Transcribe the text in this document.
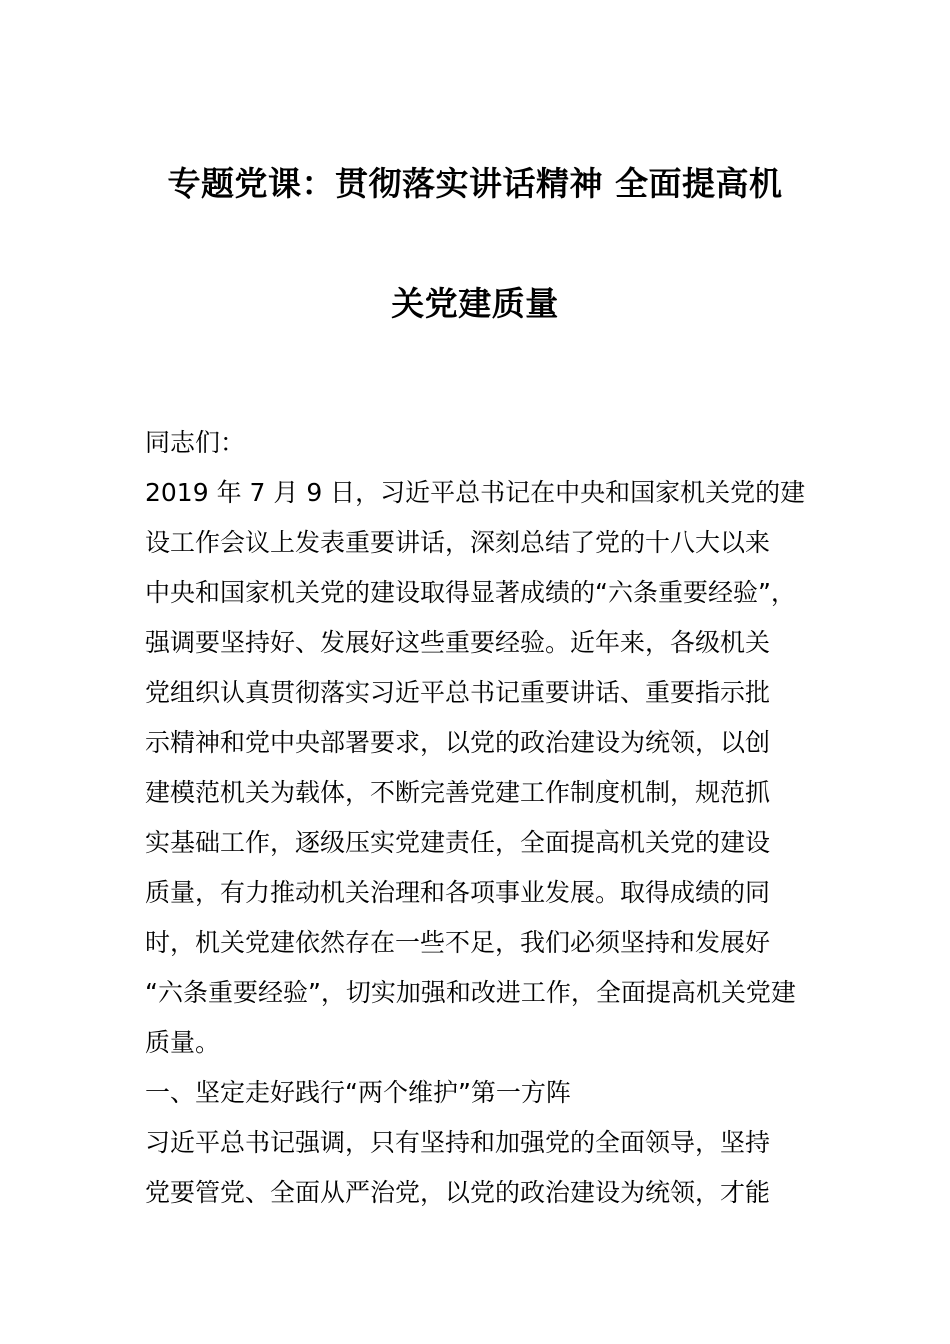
专题党课：贯彻落实讲话精神 全面提高机
关党建质量
同志们：
2019 年 7 月 9 日，习近平总书记在中央和国家机关党的建
设工作会议上发表重要讲话，深刻总结了党的十八大以来
中央和国家机关党的建设取得显著成绩的“六条重要经验”，
强调要坚持好、发展好这些重要经验。近年来，各级机关
党组织认真贯彻落实习近平总书记重要讲话、重要指示批
示精神和党中央部署要求，以党的政治建设为统领，以创
建模范机关为载体，不断完善党建工作制度机制，规范抓
实基础工作，逐级压实党建责任，全面提高机关党的建设
质量，有力推动机关治理和各项事业发展。取得成绩的同
时，机关党建依然存在一些不足，我们必须坚持和发展好
“六条重要经验”，切实加强和改进工作，全面提高机关党建
质量。
一、坚定走好践行“两个维护”第一方阵
习近平总书记强调，只有坚持和加强党的全面领导，坚持
党要管党、全面从严治党，以党的政治建设为统领，才能
